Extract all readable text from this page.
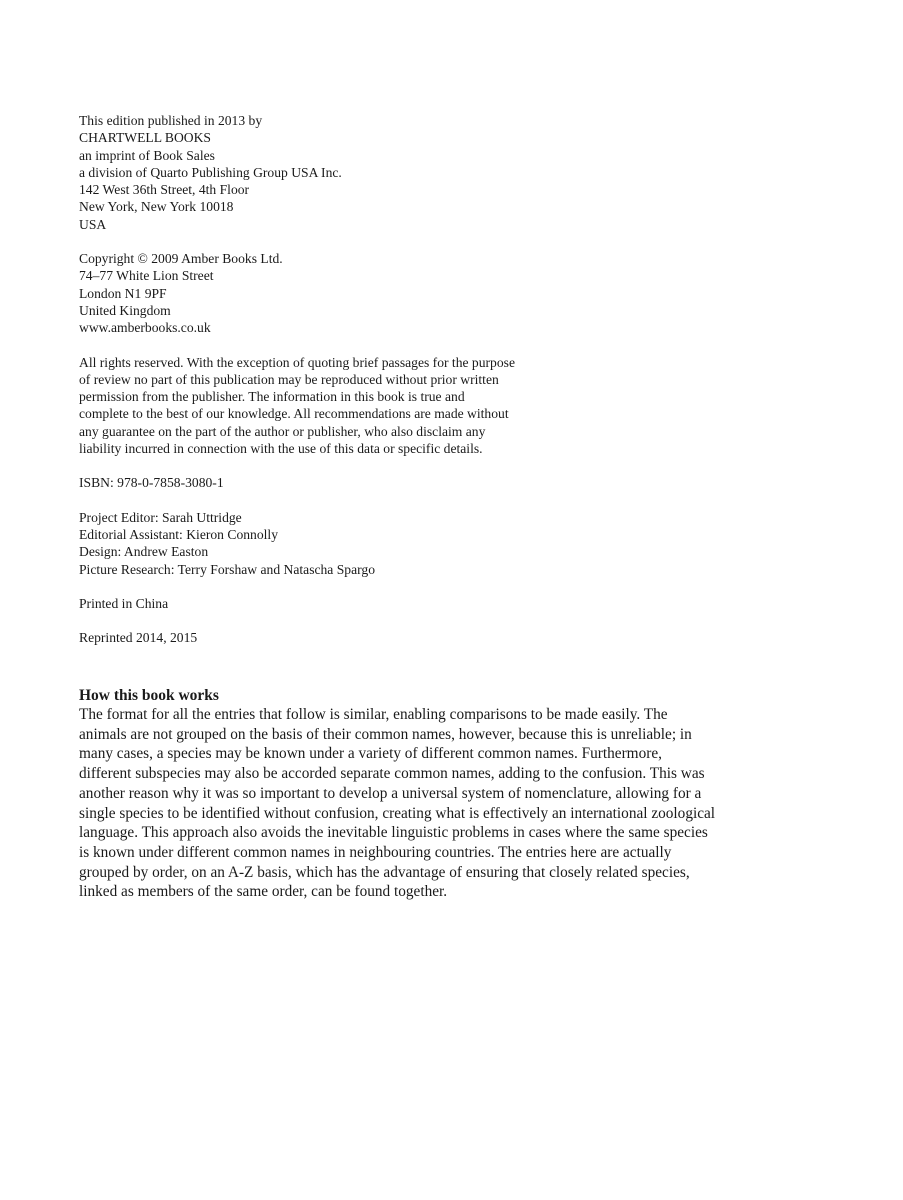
This edition published in 2013 by
CHARTWELL BOOKS
an imprint of Book Sales
a division of Quarto Publishing Group USA Inc.
142 West 36th Street, 4th Floor
New York, New York 10018
USA
Copyright © 2009 Amber Books Ltd.
74–77 White Lion Street
London N1 9PF
United Kingdom
www.amberbooks.co.uk
All rights reserved. With the exception of quoting brief passages for the purpose
of review no part of this publication may be reproduced without prior written
permission from the publisher. The information in this book is true and
complete to the best of our knowledge. All recommendations are made without
any guarantee on the part of the author or publisher, who also disclaim any
liability incurred in connection with the use of this data or specific details.
ISBN: 978-0-7858-3080-1
Project Editor: Sarah Uttridge
Editorial Assistant: Kieron Connolly
Design: Andrew Easton
Picture Research: Terry Forshaw and Natascha Spargo
Printed in China
Reprinted 2014, 2015

How this book works

The format for all the entries that follow is similar, enabling comparisons to be made easily. The
animals are not grouped on the basis of their common names, however, because this is unreliable; in
many cases, a species may be known under a variety of different common names. Furthermore,
different subspecies may also be accorded separate common names, adding to the confusion. This was
another reason why it was so important to develop a universal system of nomenclature, allowing for a
single species to be identified without confusion, creating what is effectively an international zoological
language. This approach also avoids the inevitable linguistic problems in cases where the same species
is known under different common names in neighbouring countries. The entries here are actually
grouped by order, on an A-Z basis, which has the advantage of ensuring that closely related species,
linked as members of the same order, can be found together.
